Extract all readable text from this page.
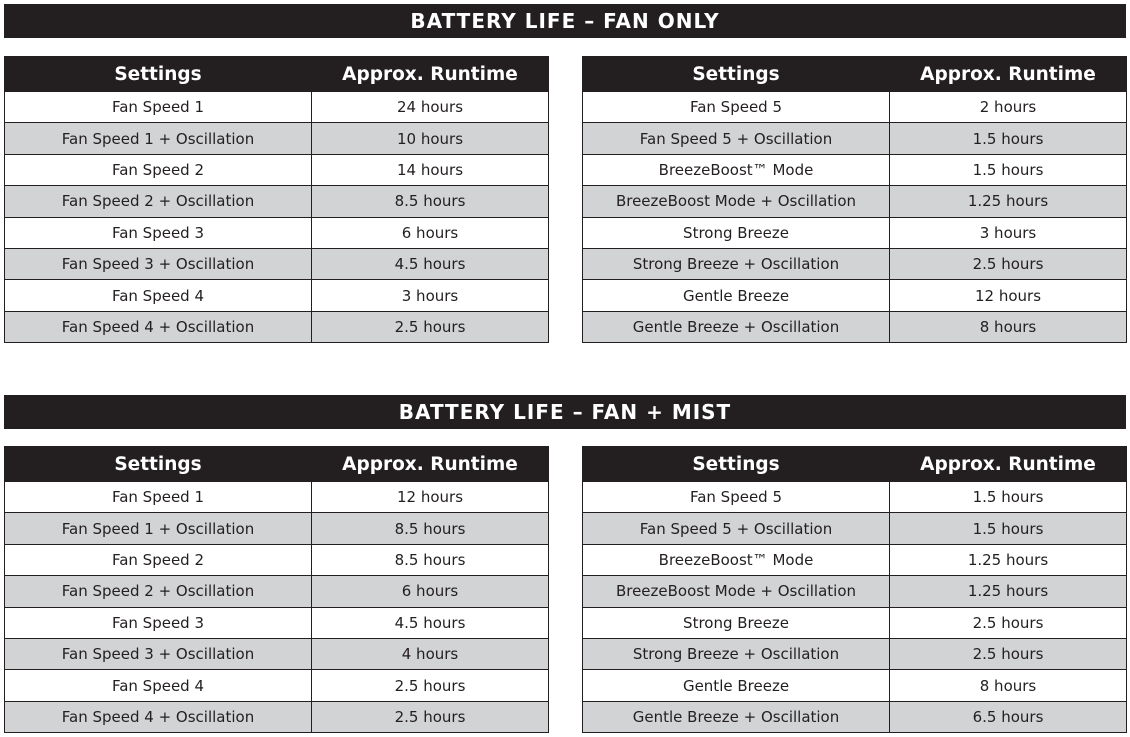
BATTERY LIFE – FAN ONLY
Settings	Approx. Runtime
Fan Speed 1	24 hours
Fan Speed 1 + Oscillation	10 hours
Fan Speed 2	14 hours
Fan Speed 2 + Oscillation	8.5 hours
Fan Speed 3	6 hours
Fan Speed 3 + Oscillation	4.5 hours
Fan Speed 4	3 hours
Fan Speed 4 + Oscillation	2.5 hours
Settings	Approx. Runtime
Fan Speed 5	2 hours
Fan Speed 5 + Oscillation	1.5 hours
BreezeBoost™ Mode	1.5 hours
BreezeBoost Mode + Oscillation	1.25 hours
Strong Breeze	3 hours
Strong Breeze + Oscillation	2.5 hours
Gentle Breeze	12 hours
Gentle Breeze + Oscillation	8 hours
BATTERY LIFE – FAN + MIST
Settings	Approx. Runtime
Fan Speed 1	12 hours
Fan Speed 1 + Oscillation	8.5 hours
Fan Speed 2	8.5 hours
Fan Speed 2 + Oscillation	6 hours
Fan Speed 3	4.5 hours
Fan Speed 3 + Oscillation	4 hours
Fan Speed 4	2.5 hours
Fan Speed 4 + Oscillation	2.5 hours
Settings	Approx. Runtime
Fan Speed 5	1.5 hours
Fan Speed 5 + Oscillation	1.5 hours
BreezeBoost™ Mode	1.25 hours
BreezeBoost Mode + Oscillation	1.25 hours
Strong Breeze	2.5 hours
Strong Breeze + Oscillation	2.5 hours
Gentle Breeze	8 hours
Gentle Breeze + Oscillation	6.5 hours
